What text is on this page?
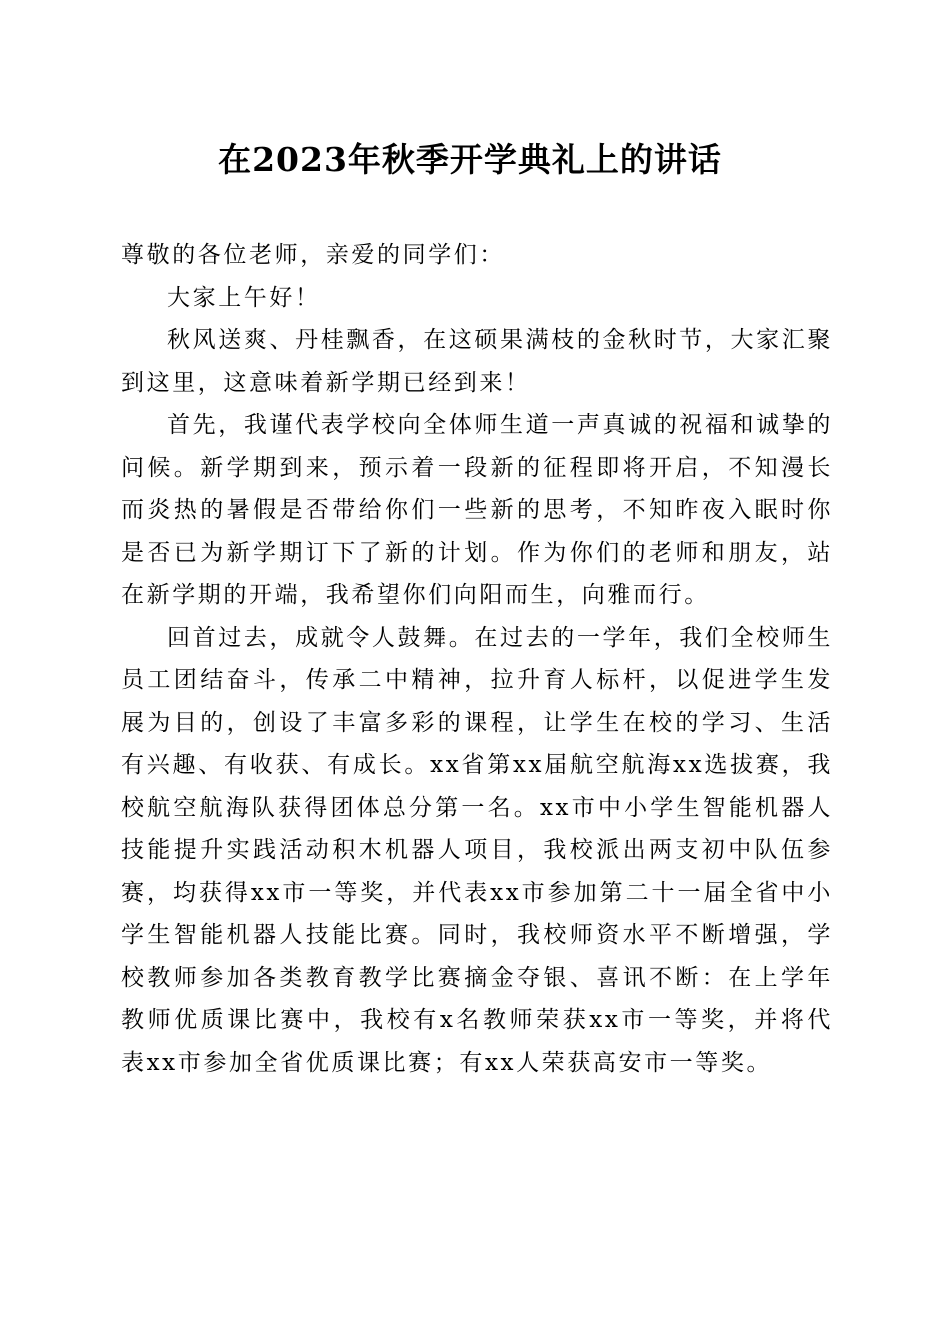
在2023年秋季开学典礼上的讲话

尊敬的各位老师，亲爱的同学们：

大家上午好！

秋风送爽、丹桂飘香，在这硕果满枝的金秋时节，大家汇聚到这里，这意味着新学期已经到来！

首先，我谨代表学校向全体师生道一声真诚的祝福和诚挚的问候。新学期到来，预示着一段新的征程即将开启，不知漫长而炎热的暑假是否带给你们一些新的思考，不知昨夜入眠时你是否已为新学期订下了新的计划。作为你们的老师和朋友，站在新学期的开端，我希望你们向阳而生，向雅而行。

回首过去，成就令人鼓舞。在过去的一学年，我们全校师生员工团结奋斗，传承二中精神，拉升育人标杆，以促进学生发展为目的，创设了丰富多彩的课程，让学生在校的学习、生活有兴趣、有收获、有成长。xx省第xx届航空航海xx选拔赛，我校航空航海队获得团体总分第一名。xx市中小学生智能机器人技能提升实践活动积木机器人项目，我校派出两支初中队伍参赛，均获得xx市一等奖，并代表xx市参加第二十一届全省中小学生智能机器人技能比赛。同时，我校师资水平不断增强，学校教师参加各类教育教学比赛摘金夺银、喜讯不断：在上学年教师优质课比赛中，我校有x名教师荣获xx市一等奖，并将代表xx市参加全省优质课比赛；有xx人荣获高安市一等奖。
